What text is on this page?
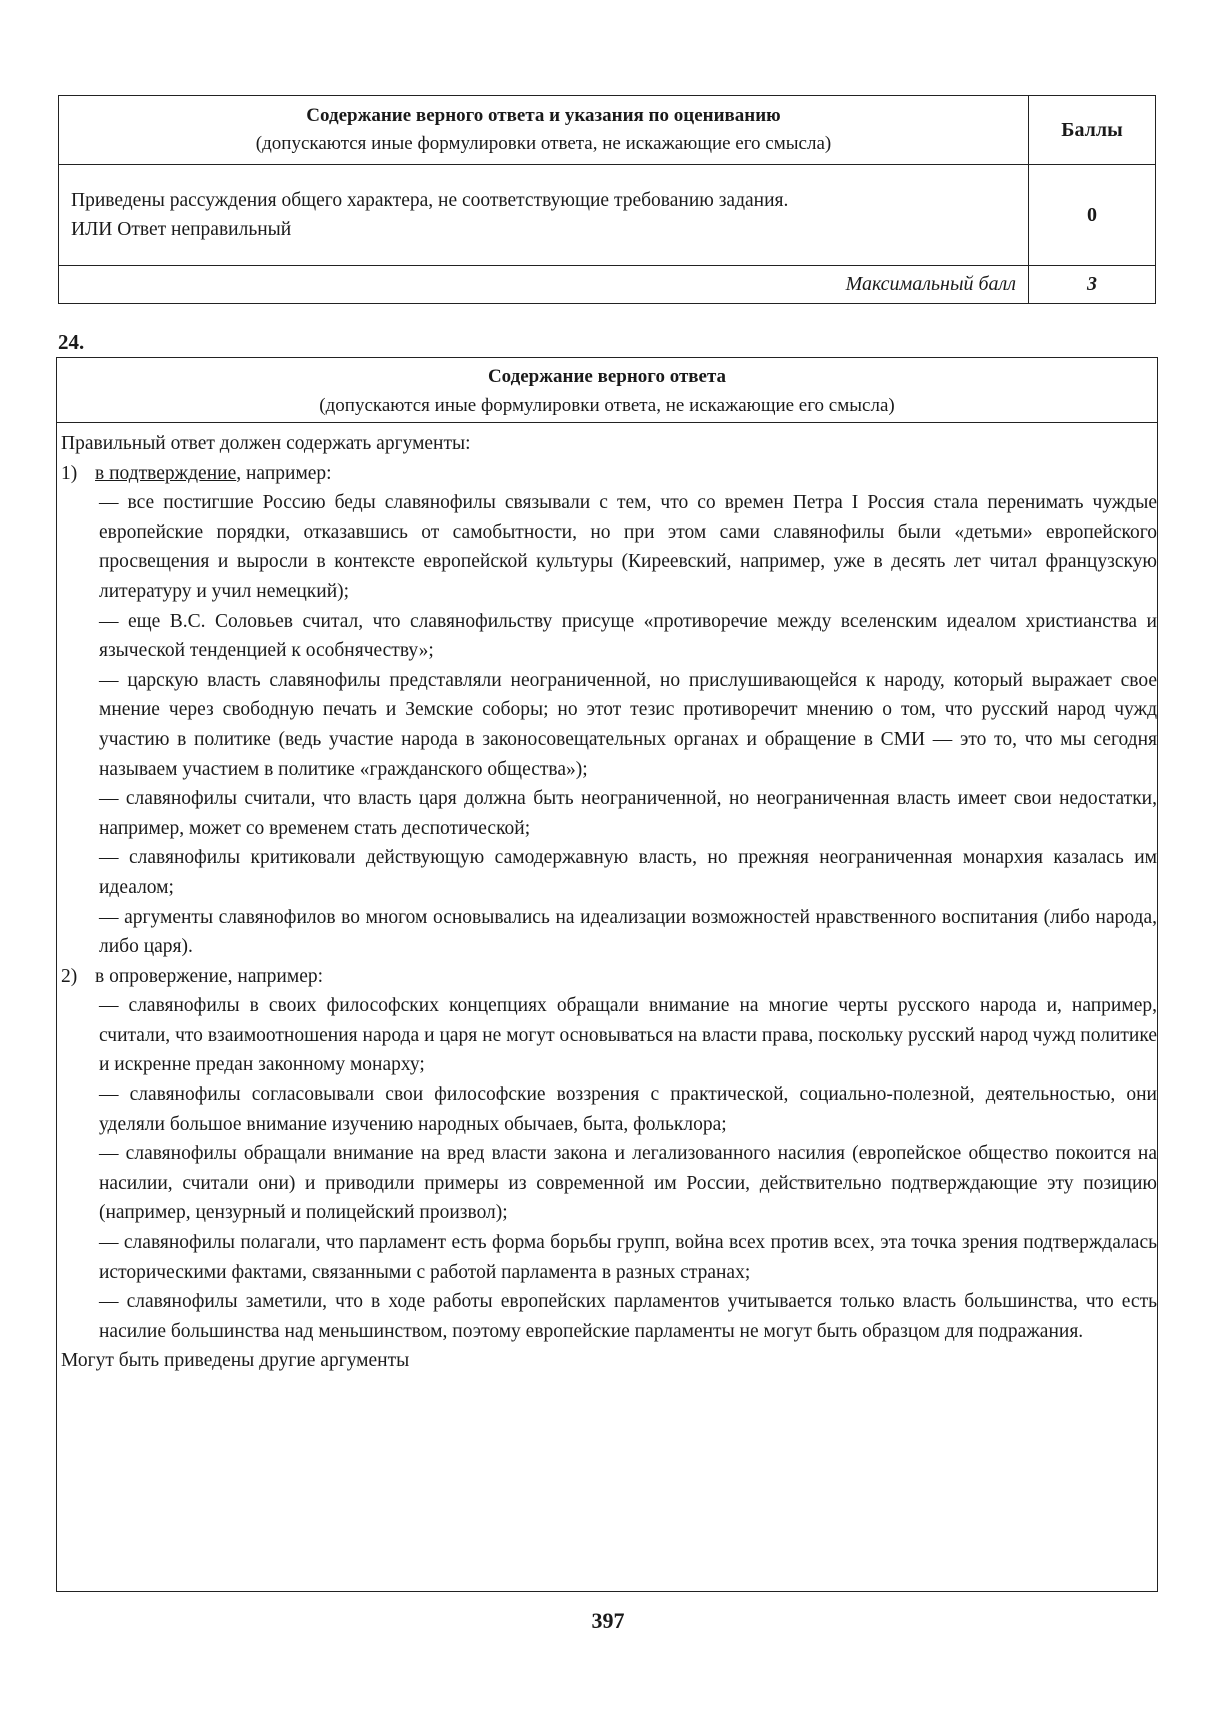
Содержание верного ответа и указания по оцениванию
(допускаются иные формулировки ответа, не искажающие его смысла)	Баллы

Приведены рассуждения общего характера, не соответствующие требованию задания.
ИЛИ Ответ неправильный	0
Максимальный балл	3
24.
Содержание верного ответа
(допускаются иные формулировки ответа, не искажающие его смысла)
Правильный ответ должен содержать аргументы:
1) в подтверждение, например:
— все постигшие Россию беды славянофилы связывали с тем, что со времен Петра I Россия стала перенимать чуждые европейские порядки, отказавшись от самобытности, но при этом сами славянофилы были «детьми» европейского просвещения и выросли в контексте европейской культуры (Киреевский, например, уже в десять лет читал французскую литературу и учил немецкий);
— еще В.С. Соловьев считал, что славянофильству присуще «противоречие между вселенским идеалом христианства и языческой тенденцией к особнячеству»;
— царскую власть славянофилы представляли неограниченной, но прислушивающейся к народу, который выражает свое мнение через свободную печать и Земские соборы; но этот тезис противоречит мнению о том, что русский народ чужд участию в политике (ведь участие народа в законосовещательных органах и обращение в СМИ — это то, что мы сегодня называем участием в политике «гражданского общества»);
— славянофилы считали, что власть царя должна быть неограниченной, но неограниченная власть имеет свои недостатки, например, может со временем стать деспотической;
— славянофилы критиковали действующую самодержавную власть, но прежняя неограниченная монархия казалась им идеалом;
— аргументы славянофилов во многом основывались на идеализации возможностей нравственного воспитания (либо народа, либо царя).
2) в опровержение, например:
— славянофилы в своих философских концепциях обращали внимание на многие черты русского народа и, например, считали, что взаимоотношения народа и царя не могут основываться на власти права, поскольку русский народ чужд политике и искренне предан законному монарху;
— славянофилы согласовывали свои философские воззрения с практической, социально-полезной, деятельностью, они уделяли большое внимание изучению народных обычаев, быта, фольклора;
— славянофилы обращали внимание на вред власти закона и легализованного насилия (европейское общество покоится на насилии, считали они) и приводили примеры из современной им России, действительно подтверждающие эту позицию (например, цензурный и полицейский произвол);
— славянофилы полагали, что парламент есть форма борьбы групп, война всех против всех, эта точка зрения подтверждалась историческими фактами, связанными с работой парламента в разных странах;
— славянофилы заметили, что в ходе работы европейских парламентов учитывается только власть большинства, что есть насилие большинства над меньшинством, поэтому европейские парламенты не могут быть образцом для подражания.
Могут быть приведены другие аргументы
397
